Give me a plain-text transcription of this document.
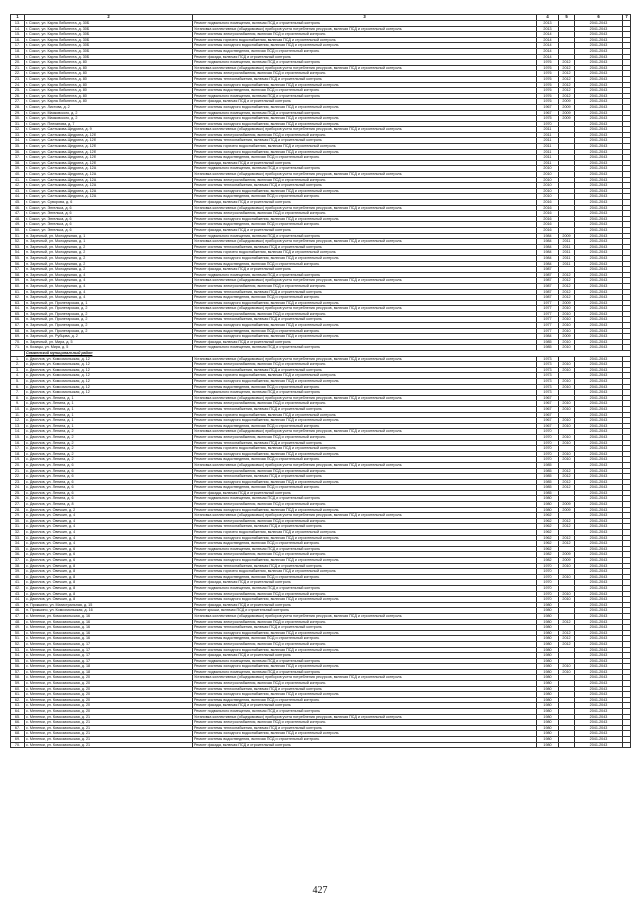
1	2	3	4	5	6	7
13.	г. Сокол, ул. Карла Либкнехта, д. 30Б	Ремонт подвального помещения, включая ПСД и строительный контроль	2013		2041-2043	
14.	г. Сокол, ул. Карла Либкнехта, д. 30Б	Установка коллективных (общедомовых) приборов учета потребления ресурсов, включая ПСД и строительный контроль	2013		2041-2043	
15.	г. Сокол, ул. Карла Либкнехта, д. 30Б	Ремонт системы электроснабжения, включая ПСД и строительный контроль	2014		2041-2043	
16.	г. Сокол, ул. Карла Либкнехта, д. 30Б	Ремонт системы горячего водоснабжения, включая ПСД и строительный контроль	2014		2041-2043	
17.	г. Сокол, ул. Карла Либкнехта, д. 30Б	Ремонт системы холодного водоснабжения, включая ПСД и строительный контроль	2014		2041-2043	
18.	г. Сокол, ул. Карла Либкнехта, д. 30Б	Ремонт системы водоотведения, включая ПСД и строительный контроль	2014		2041-2043	
19.	г. Сокол, ул. Карла Либкнехта, д. 30Б	Ремонт фасада, включая ПСД и строительный контроль	2014		2041-2043	
20.	г. Сокол, ул. Карла Либкнехта, д. 80	Ремонт подвального помещения, включая ПСД и строительный контроль	1976	2012	2041-2043	
21.	г. Сокол, ул. Карла Либкнехта, д. 80	Установка коллективных (общедомовых) приборов учета потребления ресурсов, включая ПСД и строительный контроль	1976	2012	2041-2043	
22.	г. Сокол, ул. Карла Либкнехта, д. 80	Ремонт системы электроснабжения, включая ПСД и строительный контроль	1976	2012	2041-2043	
23.	г. Сокол, ул. Карла Либкнехта, д. 80	Ремонт системы теплоснабжения, включая ПСД и строительный контроль	1976	2012	2041-2043	
24.	г. Сокол, ул. Карла Либкнехта, д. 80	Ремонт системы холодного водоснабжения, включая ПСД и строительный контроль	1976	2012	2041-2043	
25.	г. Сокол, ул. Карла Либкнехта, д. 80	Ремонт системы водоотведения, включая ПСД и строительный контроль	1976	2012	2041-2043	
26.	г. Сокол, ул. Карла Либкнехта, д. 80	Ремонт подвального помещения, включая ПСД и строительный контроль	1976	2012	2041-2043	
27.	г. Сокол, ул. Карла Либкнехта, д. 80	Ремонт фасада, включая ПСД и строительный контроль	1976	2009	2041-2043	
28.	г. Сокол, ул. Листова, д. 2	Ремонт системы холодного водоснабжения, включая ПСД и строительный контроль	1967	2009	2041-2043	
29.	г. Сокол, ул. Маяковского, д. 2	Ремонт подвального помещения, включая ПСД и строительный контроль	1967	2009	2041-2043	
30.	г. Сокол, ул. Маяковского, д. 2	Ремонт системы холодного водоснабжения, включая ПСД и строительный контроль	1975	2009	2041-2043	
31.	г. Сокол, ул. Плеханова, д. 7	Ремонт системы холодного водоснабжения, включая ПСД и строительный контроль	1970		2041-2043	
32.	г. Сокол, ул. Салтыкова-Щедрина, д. 9	Установка коллективных (общедомовых) приборов учета потребления ресурсов, включая ПСД и строительный контроль	2011		2041-2043	
33.	г. Сокол, ул. Салтыкова-Щедрина, д. 12б	Ремонт системы электроснабжения, включая ПСД и строительный контроль	2011		2041-2043	
34.	г. Сокол, ул. Салтыкова-Щедрина, д. 12б	Ремонт системы теплоснабжения, включая ПСД и строительный контроль	2011		2041-2043	
35.	г. Сокол, ул. Салтыкова-Щедрина, д. 12б	Ремонт системы горячего водоснабжения, включая ПСД и строительный контроль	2011		2041-2043	
36.	г. Сокол, ул. Салтыкова-Щедрина, д. 12б	Ремонт системы холодного водоснабжения, включая ПСД и строительный контроль	2011		2041-2043	
37.	г. Сокол, ул. Салтыкова-Щедрина, д. 12б	Ремонт системы водоотведения, включая ПСД и строительный контроль	2011		2041-2043	
38.	г. Сокол, ул. Салтыкова-Щедрина, д. 12б	Ремонт фасада, включая ПСД и строительный контроль	2011		2041-2043	
39.	г. Сокол, ул. Салтыкова-Щедрина, д. 12А	Ремонт подвального помещения, включая ПСД и строительный контроль	2010		2041-2043	
40.	г. Сокол, ул. Салтыкова-Щедрина, д. 12А	Установка коллективных (общедомовых) приборов учета потребления ресурсов, включая ПСД и строительный контроль	2010		2041-2043	
41.	г. Сокол, ул. Салтыкова-Щедрина, д. 12А	Ремонт системы электроснабжения, включая ПСД и строительный контроль	2010		2041-2043	
42.	г. Сокол, ул. Салтыкова-Щедрина, д. 12А	Ремонт системы теплоснабжения, включая ПСД и строительный контроль	2010		2041-2043	
43.	г. Сокол, ул. Салтыкова-Щедрина, д. 12А	Ремонт системы холодного водоснабжения, включая ПСД и строительный контроль	2010		2041-2043	
44.	г. Сокол, ул. Салтыкова-Щедрина, д. 12А	Ремонт системы водоотведения, включая ПСД и строительный контроль	2010		2041-2043	
45.	г. Сокол, ул. Суворова, д. 6	Ремонт фасада, включая ПСД и строительный контроль	2016		2041-2043	
46.	г. Сокол, ул. Энгельса, д. 6	Установка коллективных (общедомовых) приборов учета потребления ресурсов, включая ПСД и строительный контроль	2016		2041-2043	
47.	г. Сокол, ул. Энгельса, д. 6	Ремонт системы электроснабжения, включая ПСД и строительный контроль	2016		2041-2043	
48.	г. Сокол, ул. Энгельса, д. 6	Ремонт системы холодного водоснабжения, включая ПСД и строительный контроль	2016		2041-2043	
49.	г. Сокол, ул. Энгельса, д. 6	Ремонт системы водоотведения, включая ПСД и строительный контроль	2016		2041-2043	
50.	г. Сокол, ул. Энгельса, д. 6	Ремонт фасада, включая ПСД и строительный контроль	2016		2041-2043	
51.	п. Заречный, ул. Молодежная, д. 1	Ремонт подвального помещения, включая ПСД и строительный контроль	1984	2009	2041-2043	
52.	п. Заречный, ул. Молодежная, д. 1	Установка коллективных (общедомовых) приборов учета потребления ресурсов, включая ПСД и строительный контроль	1984	2011	2041-2043	
53.	п. Заречный, ул. Молодежная, д. 2	Ремонт системы теплоснабжения, включая ПСД и строительный контроль	1984	2011	2041-2043	
54.	п. Заречный, ул. Молодежная, д. 2	Ремонт системы горячего водоснабжения, включая ПСД и строительный контроль	1984	2011	2041-2043	
55.	п. Заречный, ул. Молодежная, д. 2	Ремонт системы холодного водоснабжения, включая ПСД и строительный контроль	1984	2011	2041-2043	
56.	п. Заречный, ул. Молодежная, д. 2	Ремонт системы водоотведения, включая ПСД и строительный контроль	1984	2011	2041-2043	
57.	п. Заречный, ул. Молодежная, д. 2	Ремонт фасада, включая ПСД и строительный контроль	1987		2041-2043	
58.	п. Заречный, ул. Молодежная, д. 4	Ремонт подвального помещения, включая ПСД и строительный контроль	1987	2012	2041-2043	
59.	п. Заречный, ул. Молодежная, д. 4	Установка коллективных (общедомовых) приборов учета потребления ресурсов, включая ПСД и строительный контроль	1987	2012	2041-2043	
60.	п. Заречный, ул. Молодежная, д. 4	Ремонт системы электроснабжения, включая ПСД и строительный контроль	1987	2012	2041-2043	
61.	п. Заречный, ул. Молодежная, д. 4	Ремонт системы теплоснабжения, включая ПСД и строительный контроль	1987	2012	2041-2043	
62.	п. Заречный, ул. Молодежная, д. 4	Ремонт системы водоотведения, включая ПСД и строительный контроль	1987	2012	2041-2043	
63.	п. Заречный, ул. Пролетарская, д. 1	Ремонт системы холодного водоснабжения, включая ПСД и строительный контроль	1977	2009	2041-2043	
64.	п. Заречный, ул. Пролетарская, д. 2	Установка коллективных (общедомовых) приборов учета потребления ресурсов, включая ПСД и строительный контроль	1977	2010	2041-2043	
65.	п. Заречный, ул. Пролетарская, д. 2	Ремонт системы электроснабжения, включая ПСД и строительный контроль	1977	2010	2041-2043	
66.	п. Заречный, ул. Пролетарская, д. 2	Ремонт системы теплоснабжения, включая ПСД и строительный контроль	1977	2010	2041-2043	
67.	п. Заречный, ул. Пролетарская, д. 2	Ремонт системы холодного водоснабжения, включая ПСД и строительный контроль	1977	2010	2041-2043	
68.	п. Заречный, ул. Пролетарская, д. 2	Ремонт системы водоотведения, включая ПСД и строительный контроль	1977	2010	2041-2043	
69.	п. Заречный, ул. Рубцова, д. 2	Ремонт системы холодного водоснабжения, включая ПСД и строительный контроль	1984	2009	2041-2043	
70.	п. Заречный, ул. Мира, д. 5	Ремонт фасада, включая ПСД и строительный контроль	1985	2010	2041-2043	
71.	п. Козицы, ул. Мира, д. 5	Ремонт подвального помещения, включая ПСД и строительный контроль	1985	2010	2041-2043	
	Сямженский муниципальный район					
1.	с. Двоплов, ул. Комсомольская, д. 12	Установка коллективных (общедомовых) приборов учета потребления ресурсов, включая ПСД и строительный контроль	1973		2041-2043	
2.	с. Двоплов, ул. Комсомольская, д. 12	Ремонт системы электроснабжения, включая ПСД и строительный контроль	1973	2010	2041-2043	
3.	с. Двоплов, ул. Комсомольская, д. 12	Ремонт системы теплоснабжения, включая ПСД и строительный контроль	1973	2010	2041-2043	
4.	с. Двоплов, ул. Комсомольская, д. 12	Ремонт системы горячего водоснабжения, включая ПСД и строительный контроль	1973		2041-2043	
5.	с. Двоплов, ул. Комсомольская, д. 12	Ремонт системы холодного водоснабжения, включая ПСД и строительный контроль	1973	2010	2041-2043	
6.	с. Двоплов, ул. Комсомольская, д. 12	Ремонт системы водоотведения, включая ПСД и строительный контроль	1973	2010	2041-2043	
7.	с. Двоплов, ул. Комсомольская, д. 12	Ремонт подвального помещения, включая ПСД и строительный контроль	1973		2041-2043	
8.	с. Двоплов, ул. Ленина, д. 1	Установка коллективных (общедомовых) приборов учета потребления ресурсов, включая ПСД и строительный контроль	1967		2041-2043	
9.	с. Двоплов, ул. Ленина, д. 1	Ремонт системы электроснабжения, включая ПСД и строительный контроль	1967	2010	2041-2043	
10.	с. Двоплов, ул. Ленина, д. 1	Ремонт системы теплоснабжения, включая ПСД и строительный контроль	1967	2010	2041-2043	
11.	с. Двоплов, ул. Ленина, д. 1	Ремонт системы горячего водоснабжения, включая ПСД и строительный контроль	1967		2041-2043	
12.	с. Двоплов, ул. Ленина, д. 1	Ремонт системы холодного водоснабжения, включая ПСД и строительный контроль	1967	2010	2041-2043	
13.	с. Двоплов, ул. Ленина, д. 1	Ремонт системы водоотведения, включая ПСД и строительный контроль	1967	2010	2041-2043	
14.	с. Двоплов, ул. Ленина, д. 2	Установка коллективных (общедомовых) приборов учета потребления ресурсов, включая ПСД и строительный контроль	1970		2041-2043	
15.	с. Двоплов, ул. Ленина, д. 2	Ремонт системы электроснабжения, включая ПСД и строительный контроль	1970	2010	2041-2043	
16.	с. Двоплов, ул. Ленина, д. 2	Ремонт системы теплоснабжения, включая ПСД и строительный контроль	1970	2010	2041-2043	
17.	с. Двоплов, ул. Ленина, д. 2	Ремонт системы горячего водоснабжения, включая ПСД и строительный контроль	1970		2041-2043	
18.	с. Двоплов, ул. Ленина, д. 2	Ремонт системы холодного водоснабжения, включая ПСД и строительный контроль	1970	2010	2041-2043	
19.	с. Двоплов, ул. Ленина, д. 2	Ремонт системы водоотведения, включая ПСД и строительный контроль	1970	2010	2041-2043	
20.	с. Двоплов, ул. Ленина, д. 6	Установка коллективных (общедомовых) приборов учета потребления ресурсов, включая ПСД и строительный контроль	1985		2041-2043	
21.	с. Двоплов, ул. Ленина, д. 6	Ремонт системы электроснабжения, включая ПСД и строительный контроль	1985	2012	2041-2043	
22.	с. Двоплов, ул. Ленина, д. 6	Ремонт системы теплоснабжения, включая ПСД и строительный контроль	1985	2012	2041-2043	
23.	с. Двоплов, ул. Ленина, д. 6	Ремонт системы холодного водоснабжения, включая ПСД и строительный контроль	1985	2012	2041-2043	
24.	с. Двоплов, ул. Ленина, д. 6	Ремонт системы водоотведения, включая ПСД и строительный контроль	1985	2012	2041-2043	
25.	с. Двоплов, ул. Ленина, д. 6	Ремонт фасада, включая ПСД и строительный контроль	1985		2041-2043	
26.	с. Двоплов, ул. Ленина, д. 6	Ремонт подвального помещения, включая ПСД и строительный контроль	1980		2041-2043	
27.	с. Двоплов, ул. Ленина, д. 8	Ремонт системы электроснабжения, включая ПСД и строительный контроль	1980	2009	2041-2043	
28.	с. Двоплов, ул. Овечкин, д. 2	Ремонт системы холодного водоснабжения, включая ПСД и строительный контроль	1980	2009	2041-2043	
29.	с. Двоплов, ул. Овечкин, д. 4	Установка коллективных (общедомовых) приборов учета потребления ресурсов, включая ПСД и строительный контроль	1962		2041-2043	
30.	с. Двоплов, ул. Овечкин, д. 4	Ремонт системы электроснабжения, включая ПСД и строительный контроль	1962	2012	2041-2043	
31.	с. Двоплов, ул. Овечкин, д. 4	Ремонт системы теплоснабжения, включая ПСД и строительный контроль	1962	2012	2041-2043	
32.	с. Двоплов, ул. Овечкин, д. 4	Ремонт системы горячего водоснабжения, включая ПСД и строительный контроль	1962		2041-2043	
33.	с. Двоплов, ул. Овечкин, д. 4	Ремонт системы холодного водоснабжения, включая ПСД и строительный контроль	1962	2012	2041-2043	
34.	с. Двоплов, ул. Овечкин, д. 4	Ремонт системы водоотведения, включая ПСД и строительный контроль	1962	2012	2041-2043	
35.	с. Двоплов, ул. Овечкин, д. 6	Ремонт подвального помещения, включая ПСД и строительный контроль	1962		2041-2043	
36.	с. Двоплов, ул. Овечкин, д. 6	Ремонт системы электроснабжения, включая ПСД и строительный контроль	1982	2009	2041-2043	
37.	с. Двоплов, ул. Овечкин, д. 6	Ремонт системы холодного водоснабжения, включая ПСД и строительный контроль	1982	2009	2041-2043	
38.	с. Двоплов, ул. Овечкин, д. 8	Ремонт системы теплоснабжения, включая ПСД и строительный контроль	1970	2010	2041-2043	
39.	с. Двоплов, ул. Овечкин, д. 8	Ремонт системы горячего водоснабжения, включая ПСД и строительный контроль	1970		2041-2043	
40.	с. Двоплов, ул. Овечкин, д. 8	Ремонт системы водоотведения, включая ПСД и строительный контроль	1970	2010	2041-2043	
41.	с. Двоплов, ул. Овечкин, д. 8	Ремонт фасада, включая ПСД и строительный контроль	1970		2041-2043	
42.	с. Двоплов, ул. Овечкин, д. 8	Ремонт подвального помещения, включая ПСД и строительный контроль	1970		2041-2043	
43.	с. Двоплов, ул. Овечкин, д. 8	Ремонт системы электроснабжения, включая ПСД и строительный контроль	1970	2010	2041-2043	
44.	с. Двоплов, ул. Овечкин, д. 8	Ремонт системы холодного водоснабжения, включая ПСД и строительный контроль	1970	2010	2041-2043	
45.	п. Прокшино, ул. Магистральная, д. 15	Ремонт фасада, включая ПСД и строительный контроль	1980		2041-2043	
46.	п. Прокшино, ул. Комсомольская, д. 16	Ремонт крыши, включая ПСД и строительный контроль	1980		2041-2043	
47.	с. Меленки, ул. Комсомольская, д. 16	Установка коллективных (общедомовых) приборов учета потребления ресурсов, включая ПСД и строительный контроль	1980		2041-2043	
48.	с. Меленки, ул. Комсомольская, д. 16	Ремонт системы электроснабжения, включая ПСД и строительный контроль	1980	2012	2041-2043	
49.	с. Меленки, ул. Комсомольская, д. 16	Ремонт системы теплоснабжения, включая ПСД и строительный контроль	1980		2041-2043	
50.	с. Меленки, ул. Комсомольская, д. 16	Ремонт системы холодного водоснабжения, включая ПСД и строительный контроль	1980	2012	2041-2043	
51.	с. Меленки, ул. Комсомольская, д. 16	Ремонт системы водоотведения, включая ПСД и строительный контроль	1980	2012	2041-2043	
52.	с. Меленки, ул. Комсомольская, д. 17	Ремонт системы электроснабжения, включая ПСД и строительный контроль	1980	2012	2041-2043	
53.	с. Меленки, ул. Комсомольская, д. 17	Ремонт системы холодного водоснабжения, включая ПСД и строительный контроль	1980		2041-2043	
54.	с. Меленки, ул. Комсомольская, д. 17	Ремонт фасада, включая ПСД и строительный контроль	1980		2041-2043	
55.	с. Меленки, ул. Комсомольская, д. 17	Ремонт подвального помещения, включая ПСД и строительный контроль	1980		2041-2043	
56.	с. Меленки, ул. Комсомольская, д. 18	Ремонт системы холодного водоснабжения, включая ПСД и строительный контроль	1980	2010	2041-2043	
57.	с. Меленки, ул. Комсомольская, д. 18	Ремонт подвального помещения, включая ПСД и строительный контроль	1980	2010	2041-2043	
58.	с. Меленки, ул. Комсомольская, д. 20	Установка коллективных (общедомовых) приборов учета потребления ресурсов, включая ПСД и строительный контроль	1980		2041-2043	
59.	с. Меленки, ул. Комсомольская, д. 20	Ремонт системы электроснабжения, включая ПСД и строительный контроль	1980		2041-2043	
60.	с. Меленки, ул. Комсомольская, д. 20	Ремонт системы теплоснабжения, включая ПСД и строительный контроль	1980		2041-2043	
61.	с. Меленки, ул. Комсомольская, д. 20	Ремонт системы холодного водоснабжения, включая ПСД и строительный контроль	1980		2041-2043	
62.	с. Меленки, ул. Комсомольская, д. 20	Ремонт системы водоотведения, включая ПСД и строительный контроль	1980		2041-2043	
63.	с. Меленки, ул. Комсомольская, д. 20	Ремонт фасада, включая ПСД и строительный контроль	1980		2041-2043	
64.	с. Меленки, ул. Комсомольская, д. 20	Ремонт подвального помещения, включая ПСД и строительный контроль	1980		2041-2043	
65.	с. Меленки, ул. Комсомольская, д. 21	Установка коллективных (общедомовых) приборов учета потребления ресурсов, включая ПСД и строительный контроль	1980		2041-2043	
66.	с. Меленки, ул. Комсомольская, д. 21	Ремонт системы электроснабжения, включая ПСД и строительный контроль	1980		2041-2043	
67.	с. Меленки, ул. Комсомольская, д. 21	Ремонт системы теплоснабжения, включая ПСД и строительный контроль	1980		2041-2043	
68.	с. Меленки, ул. Комсомольская, д. 21	Ремонт системы холодного водоснабжения, включая ПСД и строительный контроль	1980		2041-2043	
69.	с. Меленки, ул. Комсомольская, д. 21	Ремонт системы водоотведения, включая ПСД и строительный контроль	1980		2041-2043	
70.	с. Меленки, ул. Комсомольская, д. 21	Ремонт фасада, включая ПСД и строительный контроль	1980		2041-2043	
427
